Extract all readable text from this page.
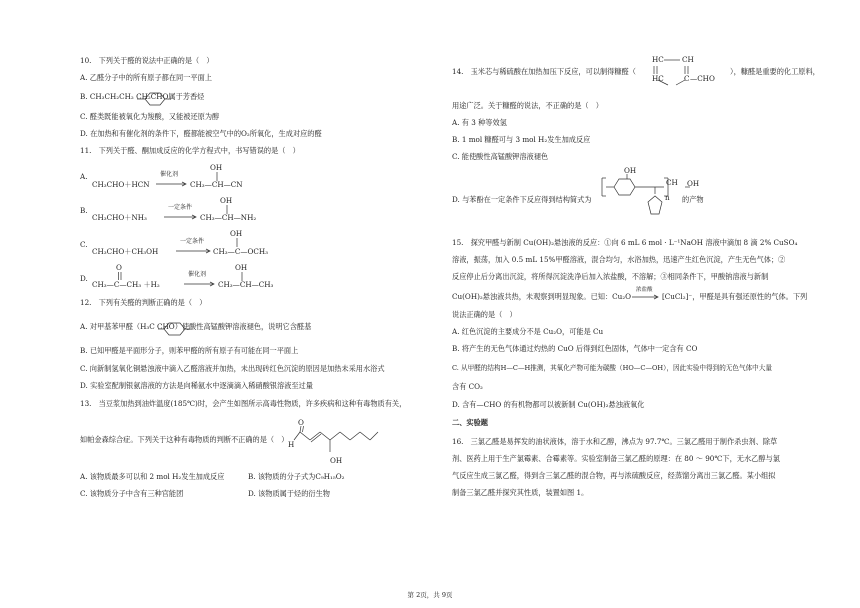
10.　下列关于醛的说法中正确的是（　）
A. 乙醛分子中的所有原子都在同一平面上
B. CH₃CH₂CH₂ CH₂CHO属于芳香烃
C. 醛类既能被氧化为羧酸，又能被还原为醇
D. 在加热和有催化剂的条件下，醛都能被空气中的O₂所氧化，生成对应的醛
11.　下列关于醛、酮加成反应的化学方程式中，书写错误的是（　）
A.
CH₃CHO＋HCN
催化剂
OH
CH₃—CH—CN
B.
CH₃CHO＋NH₃
一定条件
OH
CH₃—CH—NH₂
C.
CH₃CHO＋CH₃OH
一定条件
OH
CH₃—C—OCH₃
D.
O
CH₃—C—CH₃ ＋H₂
催化剂
OH
CH₃—CH—CH₃
12.　下列有关醛的判断正确的是（　）
A. 对甲基苯甲醛（H₃C CHO）使酸性高锰酸钾溶液褪色，说明它含醛基
B. 已知甲醛是平面形分子，则苯甲醛的所有原子有可能在同一平面上
C. 向新制氢氧化铜悬浊液中滴入乙醛溶液并加热，未出现砖红色沉淀的原因是加热未采用水浴式
D. 实验室配制银氨溶液的方法是向稀氨水中逐滴滴入稀硝酸银溶液至过量
13.　当豆浆加热到油炸温度(185℃)时，会产生如图所示高毒性物质，许多疾病和这种有毒物质有关，
如帕金森综合症。下列关于这种有毒物质的判断不正确的是（　）
H
O
OH
A. 该物质最多可以和 2 mol H₂发生加成反应	B. 该物质的分子式为C₉H₁₅O₂
C. 该物质分子中含有三种官能团	D. 该物质属于烃的衍生物
HC	CH
HC	C —CHO
14.　玉米芯与稀硫酸在加热加压下反应，可以制得糠醛（	），糠醛是重要的化工原料，
用途广泛。关于糠醛的说法，不正确的是（　）
A. 有 3 种等效氢
B. 1 mol 糠醛可与 3 mol H₂发生加成反应
C. 能使酸性高锰酸钾溶液褪色
D. 与苯酚在一定条件下反应得到结构简式为
OH
CH OH
n 的产物
15.　探究甲醛与新制 Cu(OH)₂悬浊液的反应：①向 6 mL 6 mol · L⁻¹NaOH 溶液中滴加 8 滴 2% CuSO₄
溶液，振荡，加入 0.5 mL 15%甲醛溶液，混合均匀，水浴加热，迅速产生红色沉淀，产生无色气体；②
反应停止后分离出沉淀，将所得沉淀洗净后加入浓盐酸，不溶解；③相同条件下，甲酸钠溶液与新制
Cu(OH)₂悬浊液共热，未观察到明显现象。已知：Cu₂O
浓盐酸
[CuCl₂]⁻，甲醛是具有强还原性的气体。下列
说法正确的是（　）
A. 红色沉淀的主要成分不是 Cu₂O，可能是 Cu
B. 将产生的无色气体通过灼热的 CuO 后得到红色固体，气体中一定含有 CO
C. 从甲醛的结构H—C—H推测，其氧化产物可能为碳酸（HO—C—OH），因此实验中得到的无色气体中大量
含有 CO₂
D. 含有—CHO 的有机物都可以被新制 Cu(OH)₂悬浊液氧化
二、实验题
16.　三氯乙醛是易挥发的油状液体，溶于水和乙醇，沸点为 97.7℃。三氯乙醛用于制作杀虫剂、除草
剂、医药上用于生产氯霉素、合霉素等。实验室制备三氯乙醛的原理：在 80 ～ 90℃下，无水乙醇与氯
气反应生成三氯乙醛，得到含三氯乙醛的混合物，再与浓硫酸反应，经蒸馏分离出三氯乙醛。某小组拟
制备三氯乙醛并探究其性质，装置如图 1。
第 2页，共 9页
